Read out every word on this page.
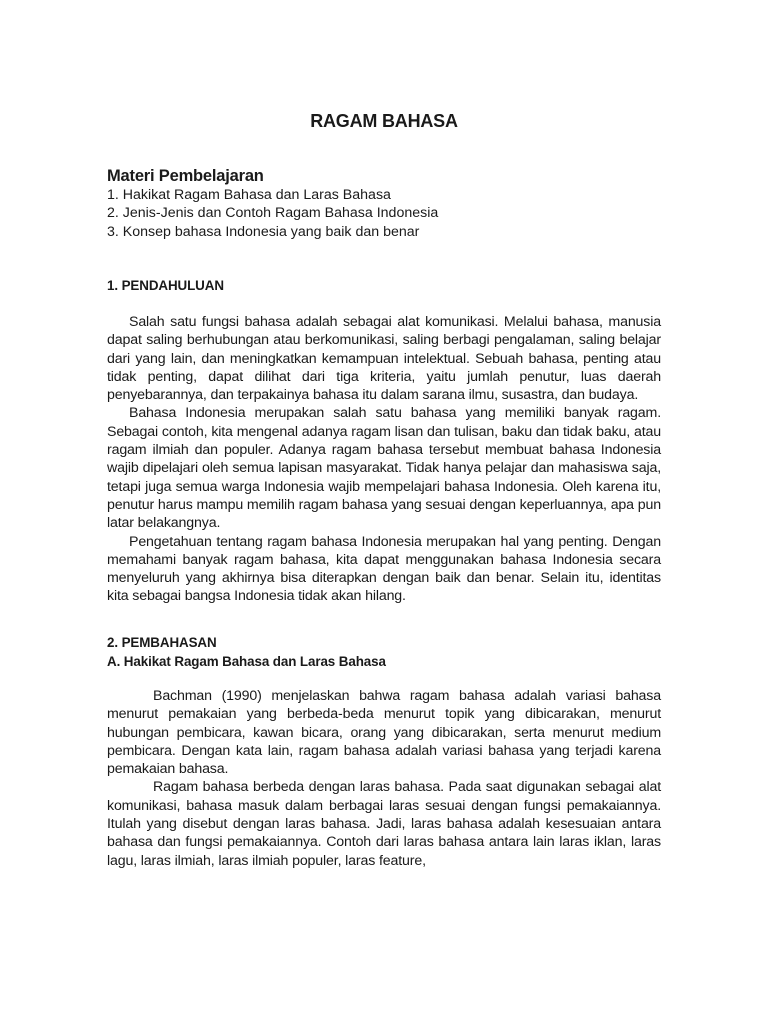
RAGAM BAHASA
Materi Pembelajaran
1. Hakikat Ragam Bahasa dan Laras Bahasa
2. Jenis-Jenis dan Contoh Ragam Bahasa Indonesia
3. Konsep bahasa Indonesia yang baik dan benar
1. PENDAHULUAN

Salah satu fungsi bahasa adalah sebagai alat komunikasi. Melalui bahasa, manusia dapat saling berhubungan atau berkomunikasi, saling berbagi pengalaman, saling belajar dari yang lain, dan meningkatkan kemampuan intelektual. Sebuah bahasa, penting atau tidak penting, dapat dilihat dari tiga kriteria, yaitu jumlah penutur, luas daerah penyebarannya, dan terpakainya bahasa itu dalam sarana ilmu, susastra, dan budaya.

Bahasa Indonesia merupakan salah satu bahasa yang memiliki banyak ragam. Sebagai contoh, kita mengenal adanya ragam lisan dan tulisan, baku dan tidak baku, atau ragam ilmiah dan populer. Adanya ragam bahasa tersebut membuat bahasa Indonesia wajib dipelajari oleh semua lapisan masyarakat. Tidak hanya pelajar dan mahasiswa saja, tetapi juga semua warga Indonesia wajib mempelajari bahasa Indonesia. Oleh karena itu, penutur harus mampu memilih ragam bahasa yang sesuai dengan keperluannya, apa pun latar belakangnya.

Pengetahuan tentang ragam bahasa Indonesia merupakan hal yang penting. Dengan memahami banyak ragam bahasa, kita dapat menggunakan bahasa Indonesia secara menyeluruh yang akhirnya bisa diterapkan dengan baik dan benar. Selain itu, identitas kita sebagai bangsa Indonesia tidak akan hilang.

2. PEMBAHASAN
A. Hakikat Ragam Bahasa dan Laras Bahasa

Bachman (1990) menjelaskan bahwa ragam bahasa adalah variasi bahasa menurut pemakaian yang berbeda-beda menurut topik yang dibicarakan, menurut hubungan pembicara, kawan bicara, orang yang dibicarakan, serta menurut medium pembicara. Dengan kata lain, ragam bahasa adalah variasi bahasa yang terjadi karena pemakaian bahasa.

Ragam bahasa berbeda dengan laras bahasa. Pada saat digunakan sebagai alat komunikasi, bahasa masuk dalam berbagai laras sesuai dengan fungsi pemakaiannya. Itulah yang disebut dengan laras bahasa. Jadi, laras bahasa adalah kesesuaian antara bahasa dan fungsi pemakaiannya. Contoh dari laras bahasa antara lain laras iklan, laras lagu, laras ilmiah, laras ilmiah populer, laras feature,
